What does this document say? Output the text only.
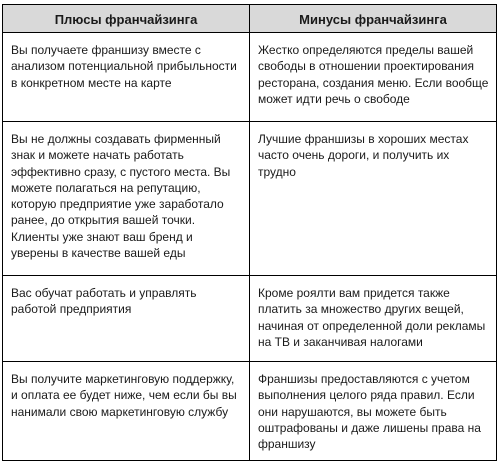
Плюсы франчайзинга	Минусы франчайзинга

Вы получаете франшизу вместе с анализом потенциальной прибыльности в конкретном месте на карте	Жестко определяются пределы вашей свободы в отношении проектирования ресторана, создания меню. Если вообще может идти речь о свободе

Вы не должны создавать фирменный знак и можете начать работать эффективно сразу, с пустого места. Вы можете полагаться на репутацию, которую предприятие уже заработало ранее, до открытия вашей точки. Клиенты уже знают ваш бренд и уверены в качестве вашей еды	Лучшие франшизы в хороших местах часто очень дороги, и получить их трудно

Вас обучат работать и управлять работой предприятия	Кроме роялти вам придется также платить за множество других вещей, начиная от определенной доли рекламы на ТВ и заканчивая налогами

Вы получите маркетинговую поддержку, и оплата ее будет ниже, чем если бы вы нанимали свою маркетинговую службу	Франшизы предоставляются с учетом выполнения целого ряда правил. Если они нарушаются, вы можете быть оштрафованы и даже лишены права на франшизу
